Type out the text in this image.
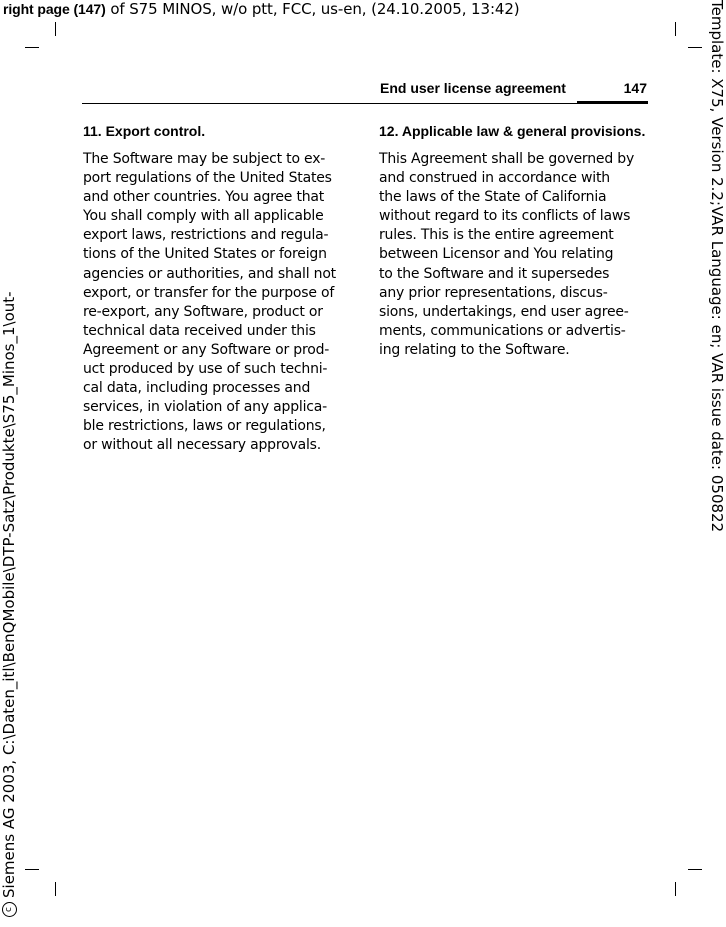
right page (147) of S75 MINOS, w/o ptt, FCC, us-en, (24.10.2005, 13:42)	Template: X75, Version 2.2;VAR Language: en; VAR issue date: 050822
cSiemens AG 2003, C:\Daten_itl\BenQMobile\DTP-Satz\Produkte\S75_Minos_1\out-
End user license agreement	147
11. Export control.
The Software may be subject to ex-
port regulations of the United States
and other countries. You agree that
You shall comply with all applicable
export laws, restrictions and regula-
tions of the United States or foreign
agencies or authorities, and shall not
export, or transfer for the purpose of
re-export, any Software, product or
technical data received under this
Agreement or any Software or prod-
uct produced by use of such techni-
cal data, including processes and
services, in violation of any applica-
ble restrictions, laws or regulations,
or without all necessary approvals.
12. Applicable law & general provisions.
This Agreement shall be governed by
and construed in accordance with
the laws of the State of California
without regard to its conflicts of laws
rules. This is the entire agreement
between Licensor and You relating
to the Software and it supersedes
any prior representations, discus-
sions, undertakings, end user agree-
ments, communications or advertis-
ing relating to the Software.
